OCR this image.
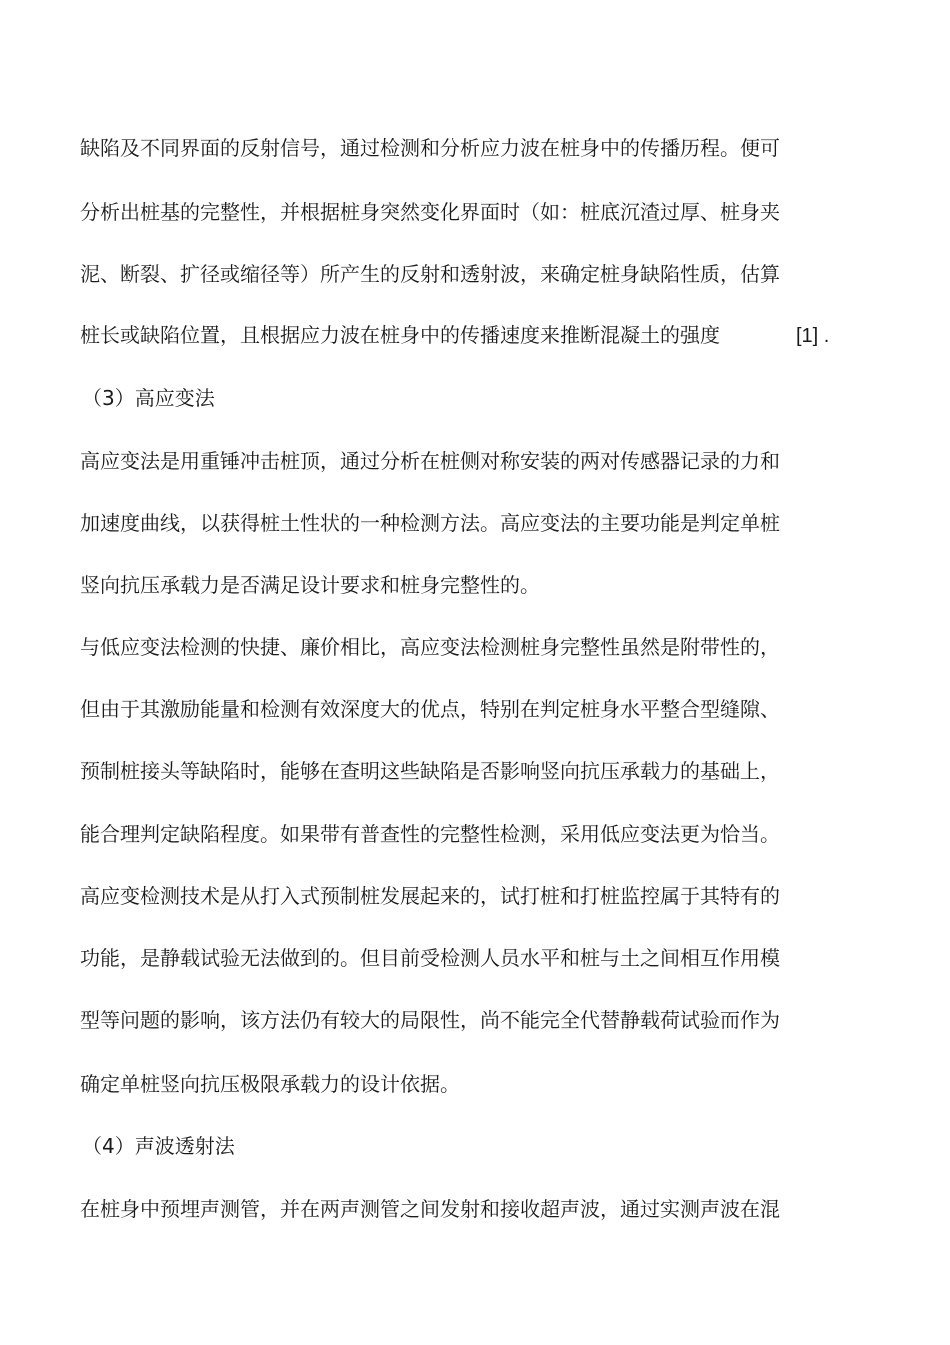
缺陷及不同界面的反射信号，通过检测和分析应力波在桩身中的传播历程。便可
分析出桩基的完整性，并根据桩身突然变化界面时（如：桩底沉渣过厚、桩身夹
泥、断裂、扩径或缩径等）所产生的反射和透射波，来确定桩身缺陷性质，估算
桩长或缺陷位置，且根据应力波在桩身中的传播速度来推断混凝土的强度	[1] .
（3）高应变法
高应变法是用重锤冲击桩顶，通过分析在桩侧对称安装的两对传感器记录的力和
加速度曲线，以获得桩土性状的一种检测方法。高应变法的主要功能是判定单桩
竖向抗压承载力是否满足设计要求和桩身完整性的。
与低应变法检测的快捷、廉价相比，高应变法检测桩身完整性虽然是附带性的，
但由于其激励能量和检测有效深度大的优点，特别在判定桩身水平整合型缝隙、
预制桩接头等缺陷时，能够在查明这些缺陷是否影响竖向抗压承载力的基础上，
能合理判定缺陷程度。如果带有普查性的完整性检测，采用低应变法更为恰当。
高应变检测技术是从打入式预制桩发展起来的，试打桩和打桩监控属于其特有的
功能，是静载试验无法做到的。但目前受检测人员水平和桩与土之间相互作用模
型等问题的影响，该方法仍有较大的局限性，尚不能完全代替静载荷试验而作为
确定单桩竖向抗压极限承载力的设计依据。
（4）声波透射法
在桩身中预埋声测管，并在两声测管之间发射和接收超声波，通过实测声波在混
